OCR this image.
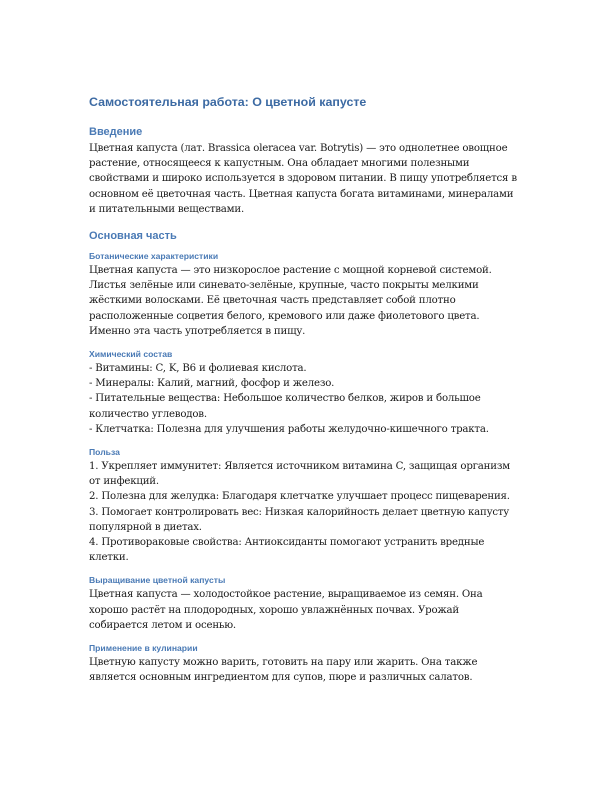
Самостоятельная работа: О цветной капусте
Введение

Цветная капуста (лат. Brassica oleracea var. Botrytis) — это однолетнее овощное растение, относящееся к капустным. Она обладает многими полезными свойствами и широко используется в здоровом питании. В пищу употребляется в основном её цветочная часть. Цветная капуста богата витаминами, минералами и питательными веществами.

Основная часть
Ботанические характеристики

Цветная капуста — это низкорослое растение с мощной корневой системой. Листья зелёные или синевато-зелёные, крупные, часто покрыты мелкими жёсткими волосками. Её цветочная часть представляет собой плотно расположенные соцветия белого, кремового или даже фиолетового цвета. Именно эта часть употребляется в пищу.

Химический состав

- Витамины: C, K, B6 и фолиевая кислота.

- Минералы: Калий, магний, фосфор и железо.

- Питательные вещества: Небольшое количество белков, жиров и большое количество углеводов.

- Клетчатка: Полезна для улучшения работы желудочно-кишечного тракта.

Польза

1. Укрепляет иммунитет: Является источником витамина C, защищая организм от инфекций.

2. Полезна для желудка: Благодаря клетчатке улучшает процесс пищеварения.

3. Помогает контролировать вес: Низкая калорийность делает цветную капусту популярной в диетах.

4. Противораковые свойства: Антиоксиданты помогают устранить вредные клетки.

Выращивание цветной капусты

Цветная капуста — холодостойкое растение, выращиваемое из семян. Она хорошо растёт на плодородных, хорошо увлажнённых почвах. Урожай собирается летом и осенью.

Применение в кулинарии

Цветную капусту можно варить, готовить на пару или жарить. Она также является основным ингредиентом для супов, пюре и различных салатов.
